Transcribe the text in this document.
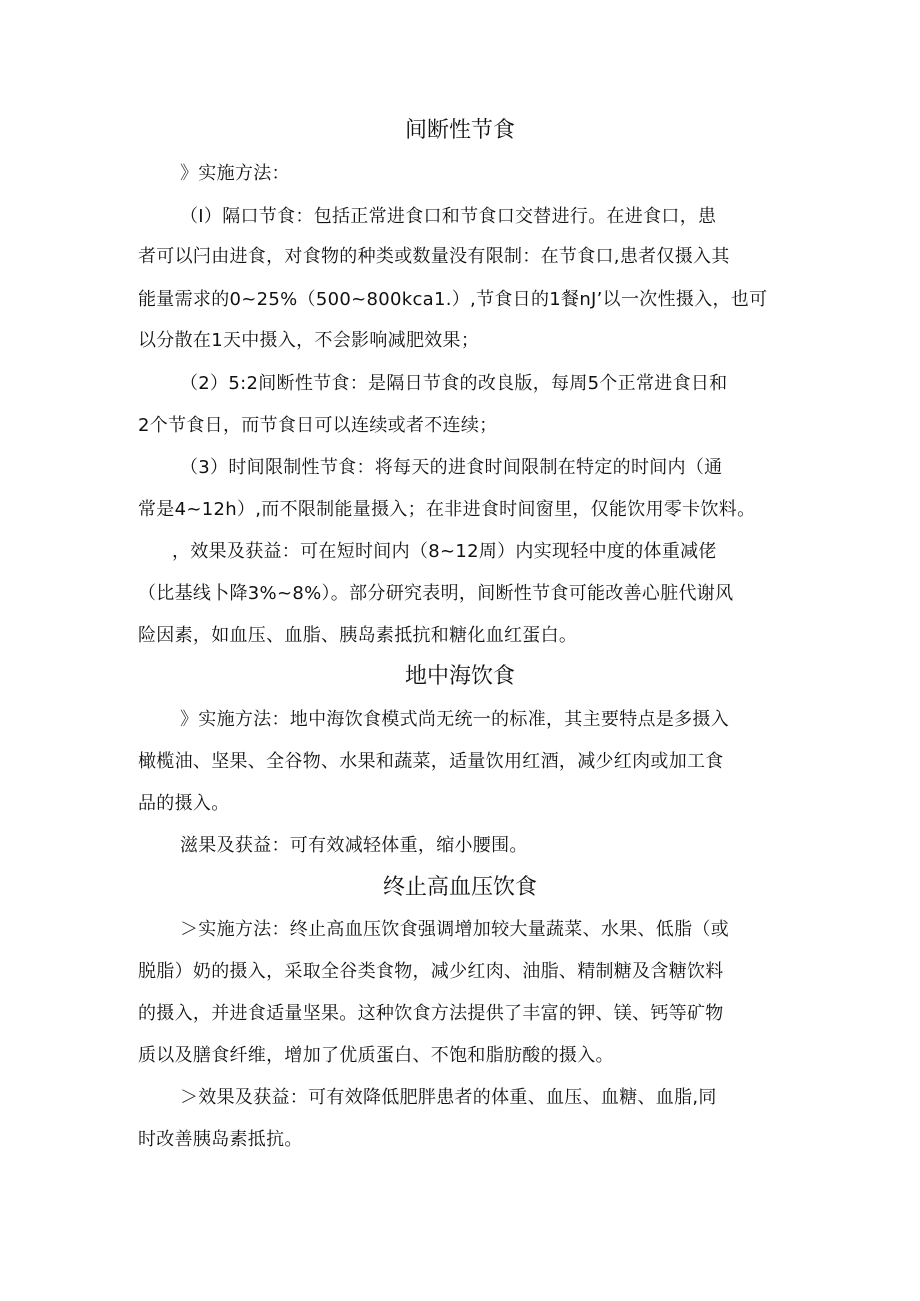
间断性节食
》实施方法：
（I）隔口节食：包括正常进食口和节食口交替进行。在进食口，患
者可以闩由进食，对食物的种类或数量没有限制：在节食口,患者仅摄入其
能量需求的0~25%（500~800kca1.）,节食日的1餐nJ’以一次性摄入，也可
以分散在1天中摄入，不会影响减肥效果；
（2）5:2间断性节食：是隔日节食的改良版，每周5个正常进食日和
2个节食日，而节食日可以连续或者不连续；
（3）时间限制性节食：将每天的进食时间限制在特定的时间内（通
常是4~12h）,而不限制能量摄入；在非进食时间窗里，仅能饮用零卡饮料。
，效果及获益：可在短时间内（8~12周）内实现轻中度的体重减佬
（比基线卜降3%~8%）。部分研究表明，间断性节食可能改善心脏代谢风
险因素，如血压、血脂、胰岛素抵抗和糖化血红蛋白。
地中海饮食
》实施方法：地中海饮食模式尚无统一的标准，其主要特点是多摄入
橄榄油、坚果、全谷物、水果和蔬菜，适量饮用红酒，减少红肉或加工食
品的摄入。
滋果及获益：可有效减轻体重，缩小腰围。
终止高血压饮食
＞实施方法：终止高血压饮食强调增加较大量蔬菜、水果、低脂（或
脱脂）奶的摄入，采取全谷类食物，减少红肉、油脂、精制糖及含糖饮料
的摄入，并进食适量坚果。这种饮食方法提供了丰富的钾、镁、钙等矿物
质以及膳食纤维，增加了优质蛋白、不饱和脂肪酸的摄入。
＞效果及获益：可有效降低肥胖患者的体重、血压、血糖、血脂,同
时改善胰岛素抵抗。
